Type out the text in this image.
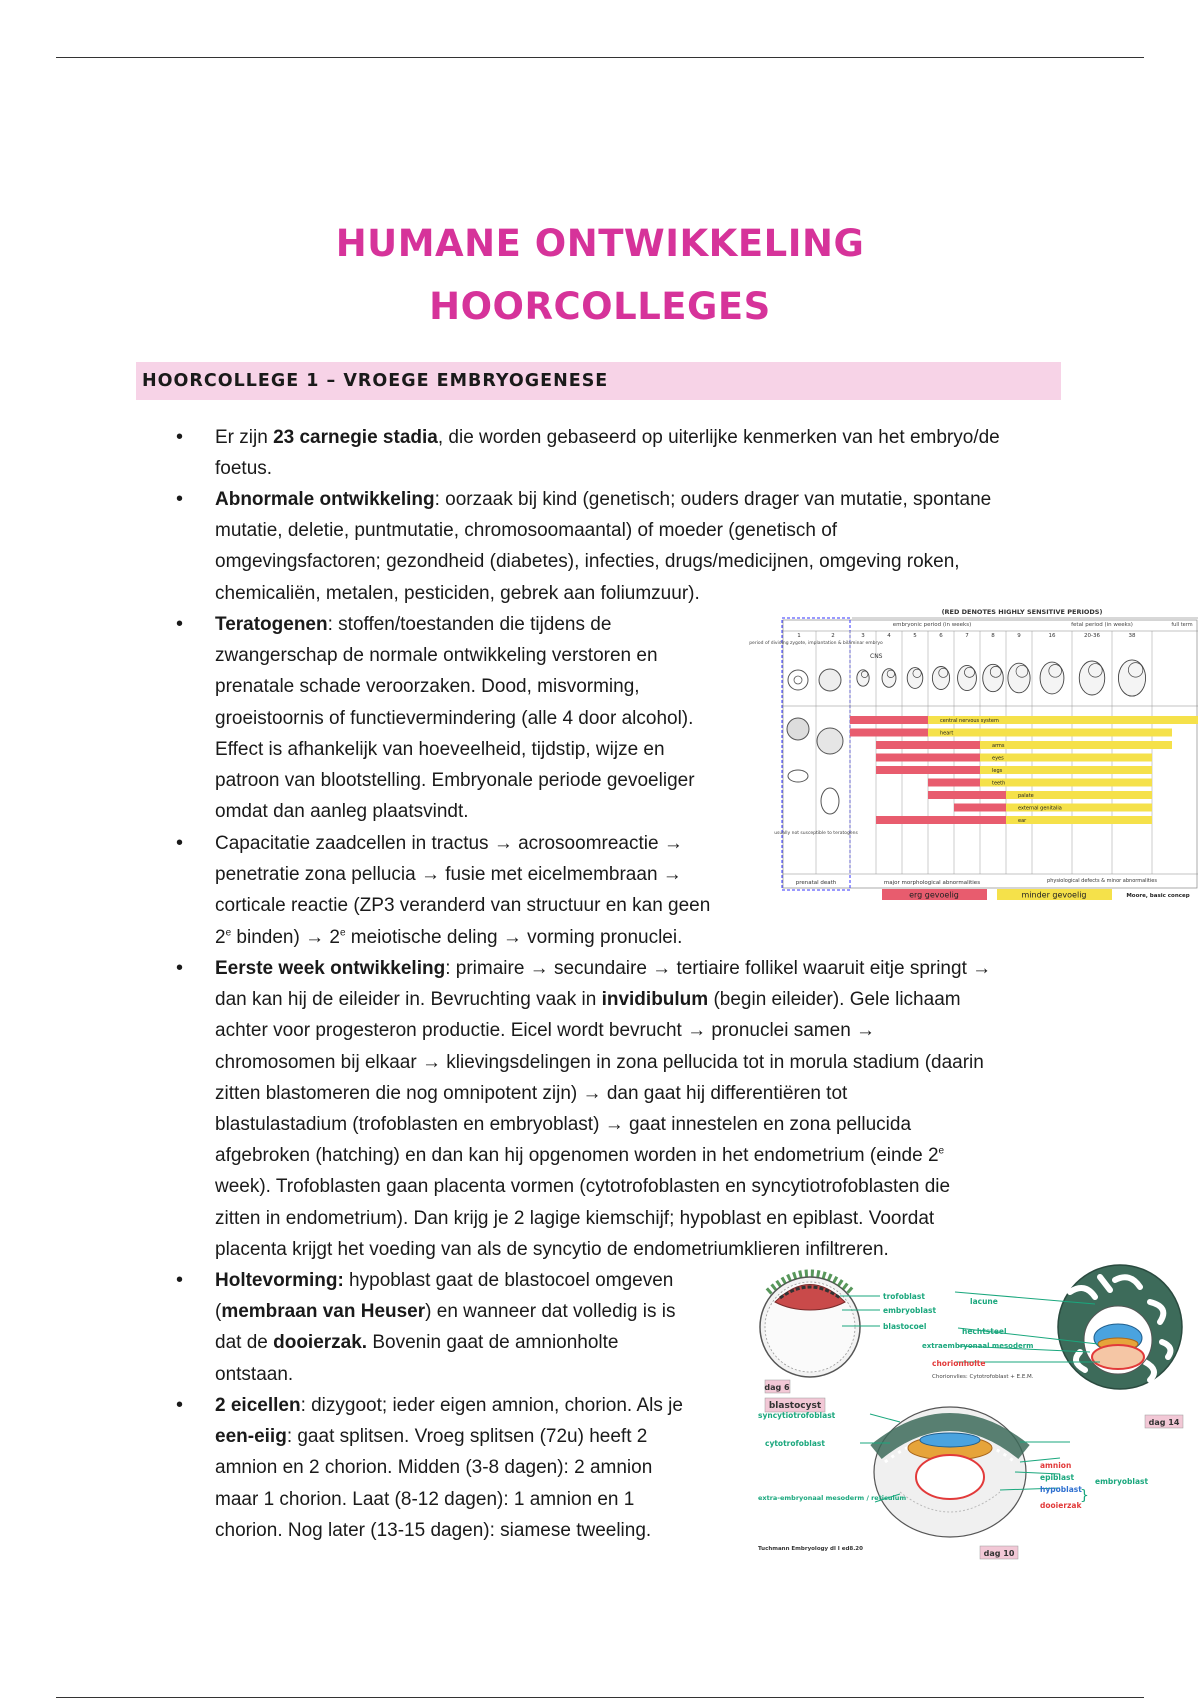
HUMANE ONTWIKKELING
HOORCOLLEGES
HOORCOLLEGE 1 – VROEGE EMBRYOGENESE
•
•
•
•
•
•
•

Er zijn 23 carnegie stadia, die worden gebaseerd op uiterlijke kenmerken van het embryo/de
foetus.

Abnormale ontwikkeling: oorzaak bij kind (genetisch; ouders drager van mutatie, spontane
mutatie, deletie, puntmutatie, chromosoomaantal) of moeder (genetisch of
omgevingsfactoren; gezondheid (diabetes), infecties, drugs/medicijnen, omgeving roken,
chemicaliën, metalen, pesticiden, gebrek aan foliumzuur).

Teratogenen: stoffen/toestanden die tijdens de
zwangerschap de normale ontwikkeling verstoren en
prenatale schade veroorzaken. Dood, misvorming,
groeistoornis of functievermindering (alle 4 door alcohol).
Effect is afhankelijk van hoeveelheid, tijdstip, wijze en
patroon van blootstelling. Embryonale periode gevoeliger
omdat dan aanleg plaatsvindt.

Capacitatie zaadcellen in tractus → acrosoomreactie →
penetratie zona pellucia → fusie met eicelmembraan →
corticale reactie (ZP3 veranderd van structuur en kan geen
2e binden) → $2^e$ meiotische deling → vorming pronuclei.

Eerste week ontwikkeling: primaire → secundaire → tertiaire follikel waaruit eitje springt →
dan kan hij de eileider in. Bevruchting vaak in invidibulum (begin eileider). Gele lichaam
achter voor progesteron productie. Eicel wordt bevrucht → pronuclei samen →
chromosomen bij elkaar → klievingsdelingen in zona pellucida tot in morula stadium (daarin
zitten blastomeren die nog omnipotent zijn) → dan gaat hij differentiëren tot
blastulastadium (trofoblasten en embryoblast) → gaat innestelen en zona pellucida
afgebroken (hatching) en dan kan hij opgenomen worden in het endometrium (einde 2e
week). Trofoblasten gaan placenta vormen (cytotrofoblasten en syncytiotrofoblasten die
zitten in endometrium). Dan krijg je 2 lagige kiemschijf; hypoblast en epiblast. Voordat
placenta krijgt het voeding van als de syncytio de endometriumklieren infiltreren.

Holtevorming: hypoblast gaat de blastocoel omgeven
(membraan van Heuser) en wanneer dat volledig is is
dat de dooierzak. Bovenin gaat de amnionholte
ontstaan.

2 eicellen: dizygoot; ieder eigen amnion, chorion. Als je
een-eiig: gaat splitsen. Vroeg splitsen (72u) heeft 2
amnion en 2 chorion. Midden (3-8 dagen): 2 amnion
maar 1 chorion. Laat (8-12 dagen): 1 amnion en 1
chorion. Nog later (13-15 dagen): siamese tweeling.

(RED DENOTES HIGHLY SENSITIVE PERIODS)
embryonic period (in weeks)	fetal period (in weeks)	full term
1	2	3	4	5	6	7	8	9	16	20-36	38
period of dividing zygote, implantation & bilaminar embryo
CNS
central nervous system
heart
arms
eyes
legs
teeth
palate
external genitalia
ear
usually not susceptible to teratogens
prenatal death	major morphological abnormalities	physiological defects & minor abnormalities
erg gevoelig	minder gevoelig	Moore, basic concep
dag 6
blastocyst
dag 14
dag 10
}
trofoblast
embryoblast
blastocoel
lacune
hechtsteel
extraembryonaal mesoderm
chorionholte
Chorionvlies: Cytotrofoblast + E.E.M.
syncytiotrofoblast
cytotrofoblast
amnion
epiblast
hypoblast
embryoblast
extra-embryonaal mesoderm / reticulum
dooierzak
Tuchmann Embryology dl I ed8.20
